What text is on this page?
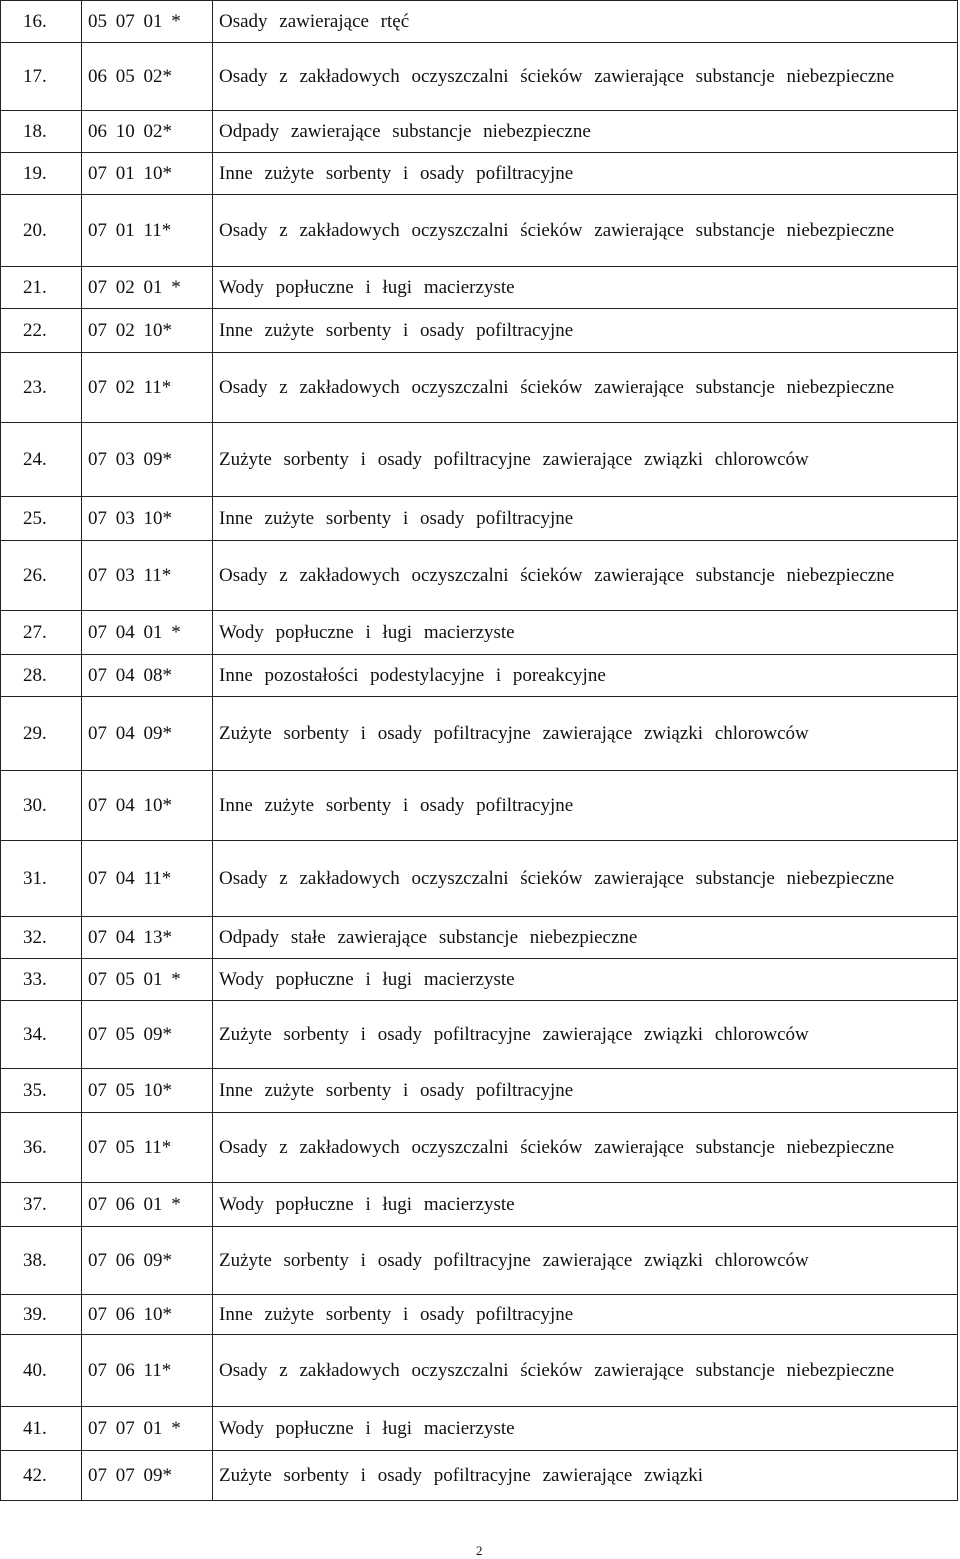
16.	05 07 01 *	Osady zawierające rtęć
17.	06 05 02*	Osady z zakładowych oczyszczalni ścieków zawierające substancje niebezpieczne
18.	06 10 02*	Odpady zawierające substancje niebezpieczne
19.	07 01 10*	Inne zużyte sorbenty i osady pofiltracyjne
20.	07 01 11*	Osady z zakładowych oczyszczalni ścieków zawierające substancje niebezpieczne
21.	07 02 01 *	Wody popłuczne i ługi macierzyste
22.	07 02 10*	Inne zużyte sorbenty i osady pofiltracyjne
23.	07 02 11*	Osady z zakładowych oczyszczalni ścieków zawierające substancje niebezpieczne
24.	07 03 09*	Zużyte sorbenty i osady pofiltracyjne zawierające związki chlorowców
25.	07 03 10*	Inne zużyte sorbenty i osady pofiltracyjne
26.	07 03 11*	Osady z zakładowych oczyszczalni ścieków zawierające substancje niebezpieczne
27.	07 04 01 *	Wody popłuczne i ługi macierzyste
28.	07 04 08*	Inne pozostałości podestylacyjne i poreakcyjne
29.	07 04 09*	Zużyte sorbenty i osady pofiltracyjne zawierające związki chlorowców
30.	07 04 10*	Inne zużyte sorbenty i osady pofiltracyjne
31.	07 04 11*	Osady z zakładowych oczyszczalni ścieków zawierające substancje niebezpieczne
32.	07 04 13*	Odpady stałe zawierające substancje niebezpieczne
33.	07 05 01 *	Wody popłuczne i ługi macierzyste
34.	07 05 09*	Zużyte sorbenty i osady pofiltracyjne zawierające związki chlorowców
35.	07 05 10*	Inne zużyte sorbenty i osady pofiltracyjne
36.	07 05 11*	Osady z zakładowych oczyszczalni ścieków zawierające substancje niebezpieczne
37.	07 06 01 *	Wody popłuczne i ługi macierzyste
38.	07 06 09*	Zużyte sorbenty i osady pofiltracyjne zawierające związki chlorowców
39.	07 06 10*	Inne zużyte sorbenty i osady pofiltracyjne
40.	07 06 11*	Osady z zakładowych oczyszczalni ścieków zawierające substancje niebezpieczne
41.	07 07 01 *	Wody popłuczne i ługi macierzyste
42.	07 07 09*	Zużyte sorbenty i osady pofiltracyjne zawierające związki
2
